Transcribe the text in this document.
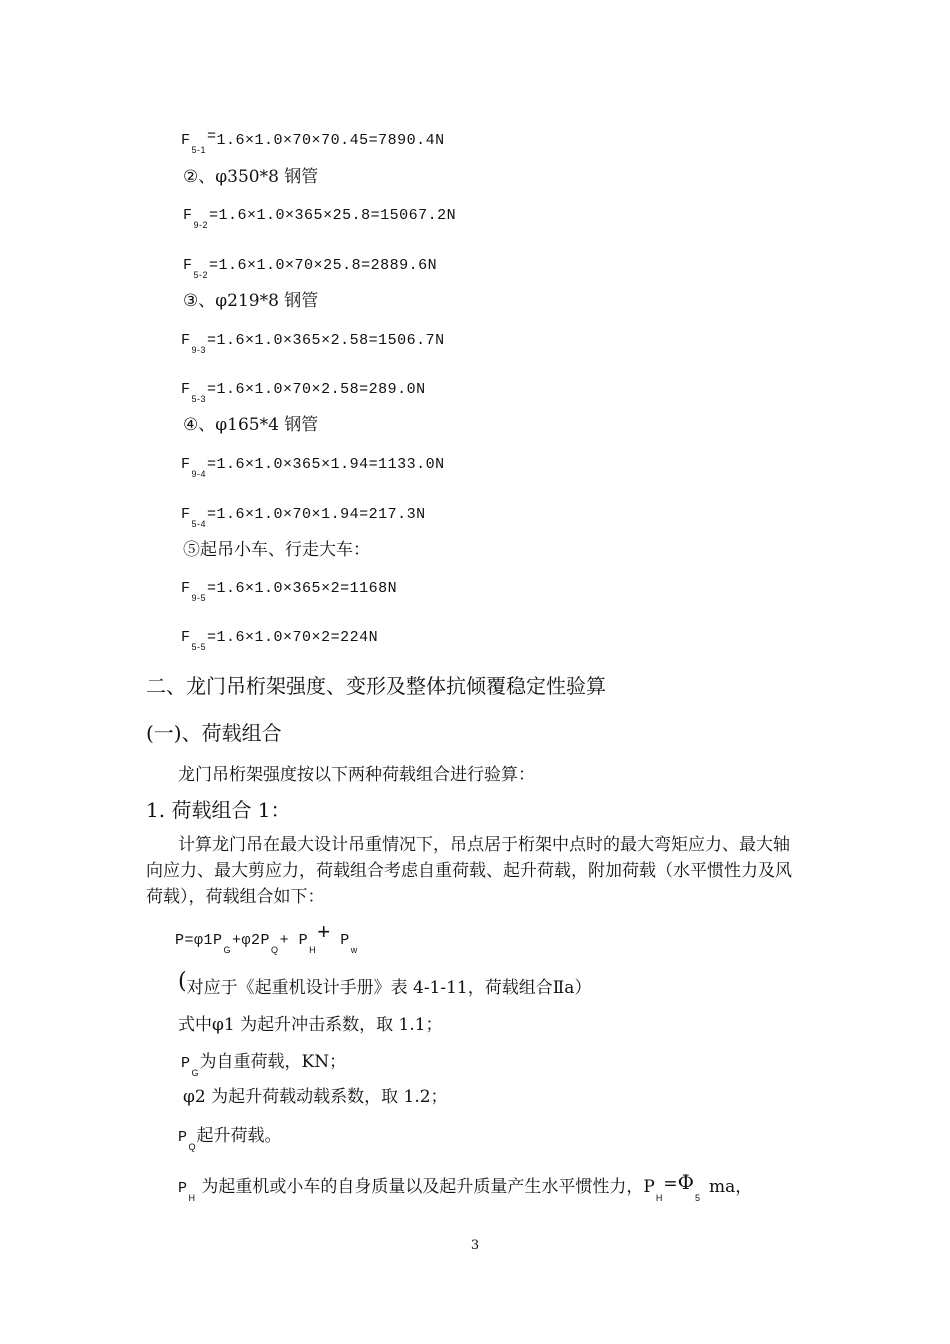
$F_{5-1}=1.6\times 1.0\times 70\times 70.45=7890.4N$
②、φ350*8 钢管
$F_{9-2}=1.6\times 1.0\times 365\times 25.8=15067.2N$
$F_{5-2}=1.6\times 1.0\times 70\times 25.8=2889.6N$
③、φ219*8 钢管
$F_{9-3}=1.6\times 1.0\times 365\times 2.58=1506.7N$
$F_{5-3}=1.6\times 1.0\times 70\times 2.58=289.0N$
④、φ165*4 钢管
$F_{9-4}=1.6\times 1.0\times 365\times 1.94=1133.0N$
$F_{5-4}=1.6\times 1.0\times 70\times 1.94=217.3N$
⑤起吊小车、行走大车：
$F_{9-5}=1.6\times 1.0\times 365\times 2=1168N$
$F_{5-5}=1.6\times 1.0\times 70\times 2=224N$
二、龙门吊桁架强度、变形及整体抗倾覆稳定性验算
(一)、荷载组合
龙门吊桁架强度按以下两种荷载组合进行验算：
1. 荷载组合 1：
计算龙门吊在最大设计吊重情况下，吊点居于桁架中点时的最大弯矩应力、最大轴向应力、最大剪应力，荷载组合考虑自重荷载、起升荷载，附加荷载（水平惯性力及风荷载），荷载组合如下：
$P=\varphi 1P_G+\varphi 2P_Q+ P_H+ P_w$
(对应于《起重机设计手册》表 4-1-11，荷载组合Ⅱa）
式中φ1 为起升冲击系数，取 1.1；
$P_G$为自重荷载，KN；
φ2 为起升荷载动载系数，取 1.2；
$P_Q$起升荷载。
$P_H$ 为起重机或小车的自身质量以及起升质量产生水平惯性力，$P_H=\Phi_5ma$，
3
